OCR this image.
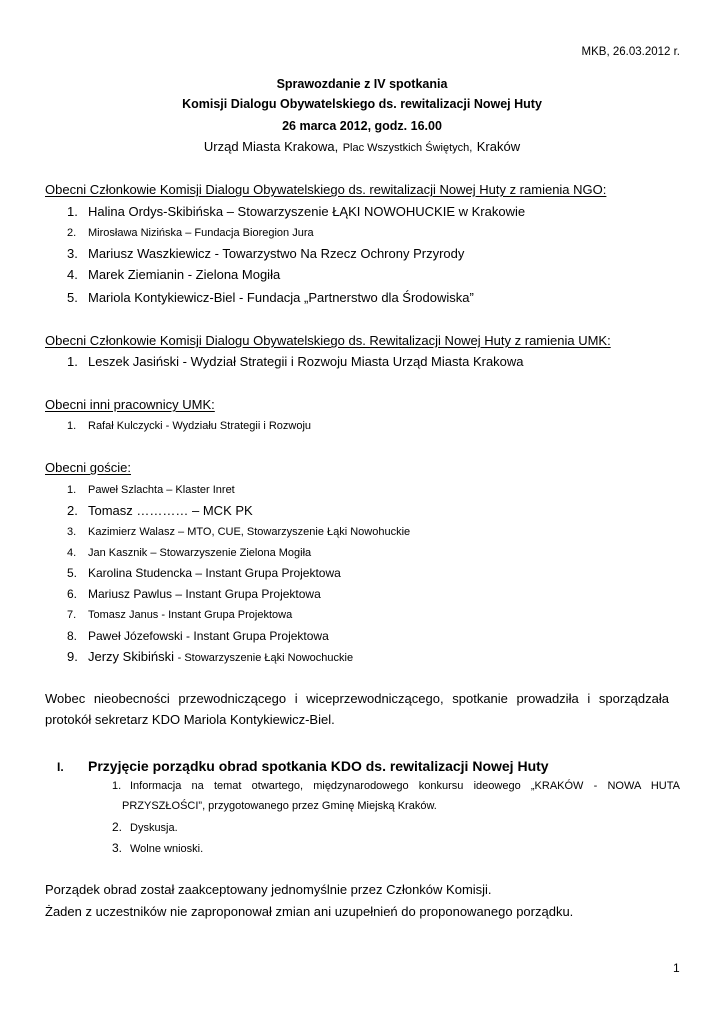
MKB, 26.03.2012 r.
Sprawozdanie z IV spotkania
Komisji Dialogu Obywatelskiego ds. rewitalizacji Nowej Huty
26 marca 2012, godz. 16.00
Urząd Miasta Krakowa, Plac Wszystkich Świętych, Kraków
Obecni Członkowie Komisji Dialogu Obywatelskiego ds. rewitalizacji Nowej Huty z ramienia NGO:
1. Halina Ordys-Skibińska – Stowarzyszenie ŁĄKI NOWOHUCKIE w Krakowie
2. Mirosława Nizińska – Fundacja Bioregion Jura
3. Mariusz Waszkiewicz - Towarzystwo Na Rzecz Ochrony Przyrody
4. Marek Ziemianin - Zielona Mogiła
5. Mariola Kontykiewicz-Biel - Fundacja „Partnerstwo dla Środowiska”
Obecni Członkowie Komisji Dialogu Obywatelskiego ds. Rewitalizacji Nowej Huty z ramienia UMK:
1. Leszek Jasiński - Wydział Strategii i Rozwoju Miasta Urząd Miasta Krakowa
Obecni inni pracownicy UMK:
1. Rafał Kulczycki - Wydziału Strategii i Rozwoju
Obecni goście:
1. Paweł Szlachta – Klaster Inret
2. Tomasz ………… – MCK PK
3. Kazimierz Walasz – MTO, CUE, Stowarzyszenie Łąki Nowohuckie
4. Jan Kasznik – Stowarzyszenie Zielona Mogiła
5. Karolina Studencka – Instant Grupa Projektowa
6. Mariusz Pawlus – Instant Grupa Projektowa
7. Tomasz Janus - Instant Grupa Projektowa
8. Paweł Józefowski - Instant Grupa Projektowa
9. Jerzy Skibiński - Stowarzyszenie Łąki Nowochuckie
Wobec nieobecności przewodniczącego i wiceprzewodniczącego, spotkanie prowadziła i sporządzała
protokół sekretarz KDO Mariola Kontykiewicz-Biel.
I. Przyjęcie porządku obrad spotkania KDO ds. rewitalizacji Nowej Huty
1. Informacja na temat otwartego, międzynarodowego konkursu ideowego „KRAKÓW - NOWA HUTA PRZYSZŁOŚCI”, przygotowanego przez Gminę Miejską Kraków.
2. Dyskusja.
3. Wolne wnioski.
Porządek obrad został zaakceptowany jednomyślnie przez Członków Komisji.
Żaden z uczestników nie zaproponował zmian ani uzupełnień do proponowanego porządku.
1
